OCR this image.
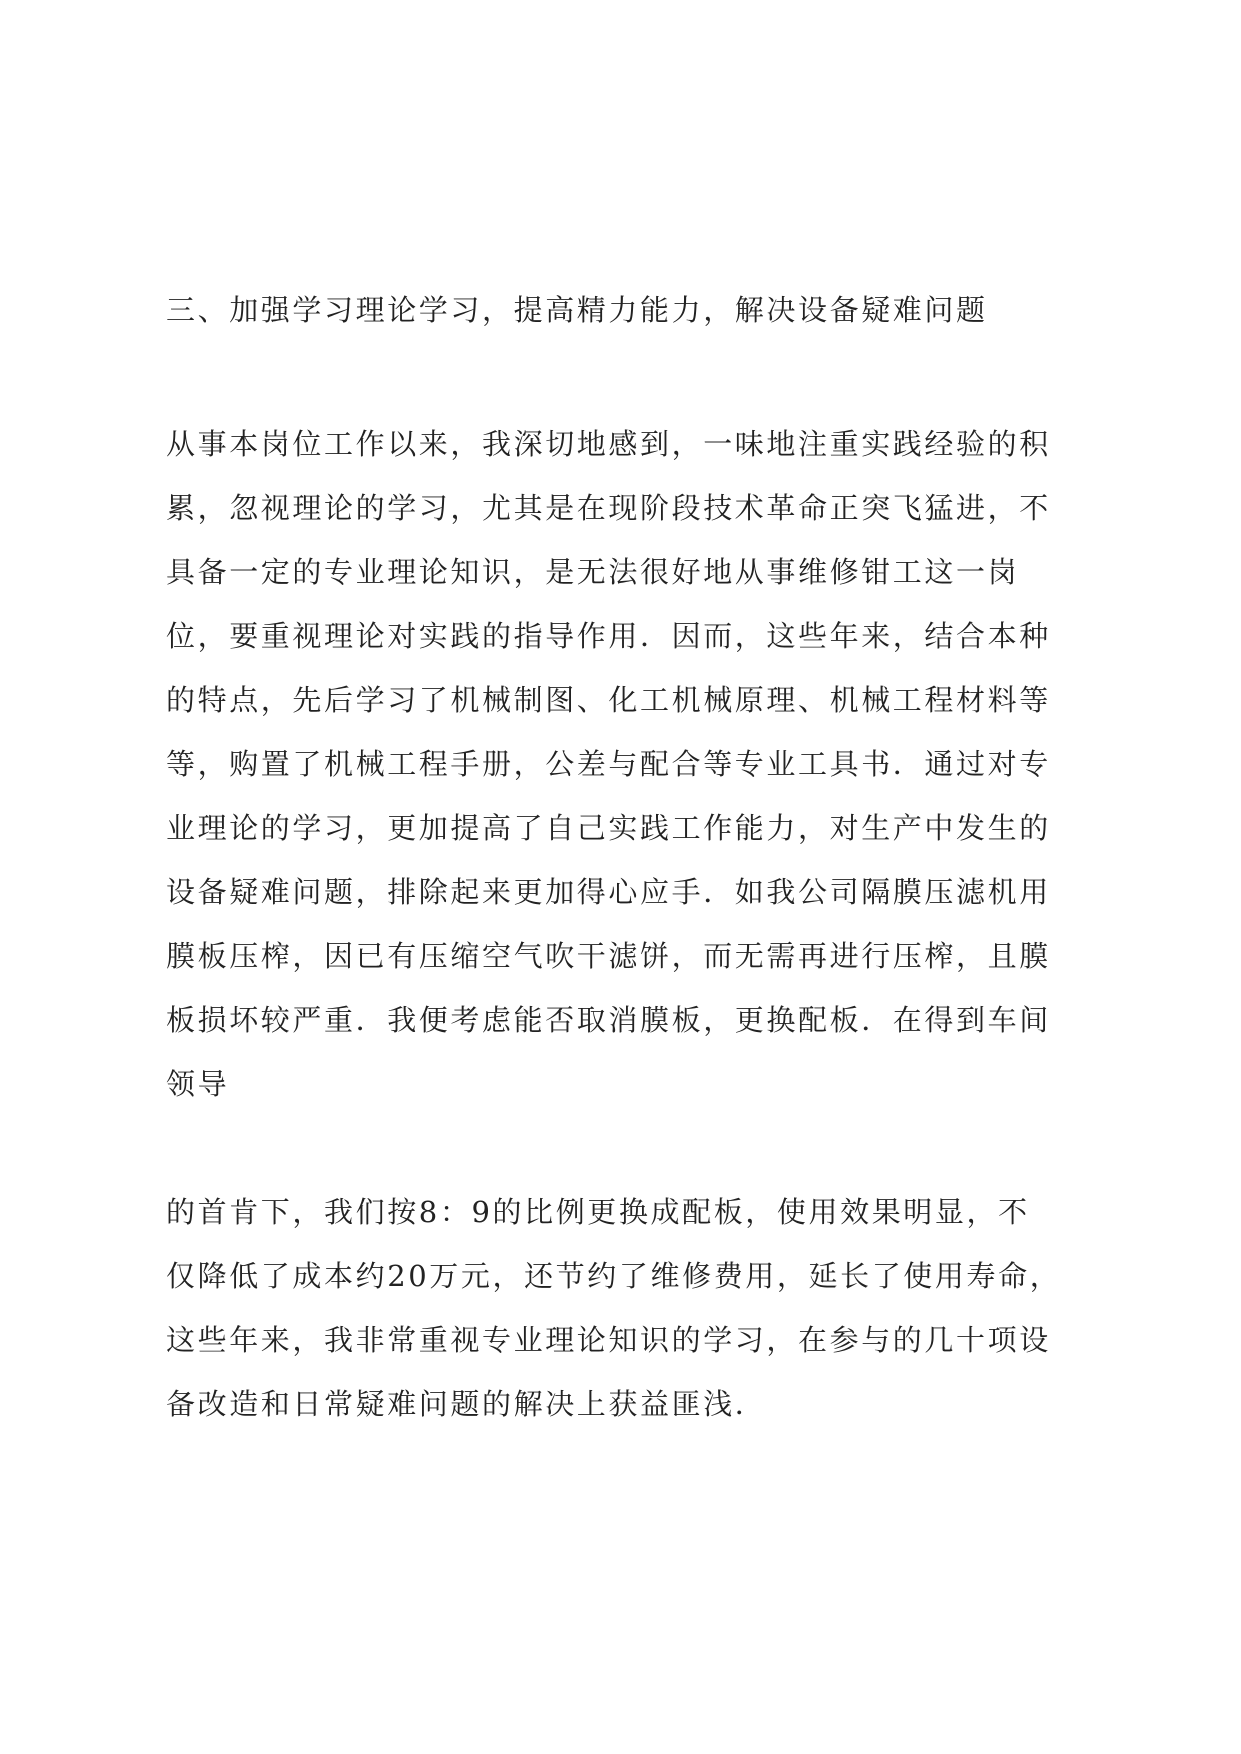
三、加强学习理论学习，提高精力能力，解决设备疑难问题
从事本岗位工作以来，我深切地感到，一味地注重实践经验的积
累，忽视理论的学习，尤其是在现阶段技术革命正突飞猛进，不
具备一定的专业理论知识，是无法很好地从事维修钳工这一岗
位，要重视理论对实践的指导作用．因而，这些年来，结合本种
的特点，先后学习了机械制图、化工机械原理、机械工程材料等
等，购置了机械工程手册，公差与配合等专业工具书．通过对专
业理论的学习，更加提高了自己实践工作能力，对生产中发生的
设备疑难问题，排除起来更加得心应手．如我公司隔膜压滤机用
膜板压榨，因已有压缩空气吹干滤饼，而无需再进行压榨，且膜
板损坏较严重．我便考虑能否取消膜板，更换配板．在得到车间
领导
的首肯下，我们按8：9的比例更换成配板，使用效果明显，不
仅降低了成本约20万元，还节约了维修费用，延长了使用寿命，
这些年来，我非常重视专业理论知识的学习，在参与的几十项设
备改造和日常疑难问题的解决上获益匪浅．
